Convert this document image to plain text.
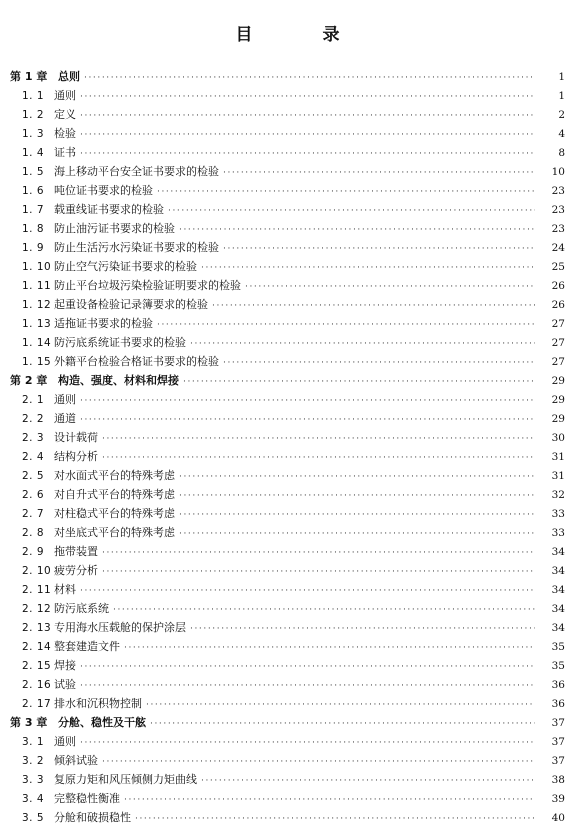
目 录
第 1 章 总则 ·····	1
1. 1 通则 ·····	1
1. 2 定义 ·····	2
1. 3 检验 ·····	4
1. 4 证书 ·····	8
1. 5 海上移动平台安全证书要求的检验 ·····	10
1. 6 吨位证书要求的检验 ·····	23
1. 7 载重线证书要求的检验 ·····	23
1. 8 防止油污证书要求的检验 ·····	23
1. 9 防止生活污水污染证书要求的检验 ·····	24
1. 10 防止空气污染证书要求的检验 ·····	25
1. 11 防止平台垃圾污染检验证明要求的检验 ·····	26
1. 12 起重设备检验记录簿要求的检验 ·····	26
1. 13 适拖证书要求的检验 ·····	27
1. 14 防污底系统证书要求的检验 ·····	27
1. 15 外籍平台检验合格证书要求的检验 ·····	27
第 2 章 构造、强度、材料和焊接 ·····	29
2. 1 通则 ·····	29
2. 2 通道 ·····	29
2. 3 设计载荷 ·····	30
2. 4 结构分析 ·····	31
2. 5 对水面式平台的特殊考虑 ·····	31
2. 6 对自升式平台的特殊考虑 ·····	32
2. 7 对柱稳式平台的特殊考虑 ·····	33
2. 8 对坐底式平台的特殊考虑 ·····	33
2. 9 拖带装置 ·····	34
2. 10 疲劳分析 ·····	34
2. 11 材料 ·····	34
2. 12 防污底系统 ·····	34
2. 13 专用海水压载舱的保护涂层 ·····	34
2. 14 整套建造文件 ·····	35
2. 15 焊接 ·····	35
2. 16 试验 ·····	36
2. 17 排水和沉积物控制 ·····	36
第 3 章 分舱、稳性及干舷 ·····	37
3. 1 通则 ·····	37
3. 2 倾斜试验 ·····	37
3. 3 复原力矩和风压倾侧力矩曲线 ·····	38
3. 4 完整稳性衡准 ·····	39
3. 5 分舱和破损稳性 ·····	40
